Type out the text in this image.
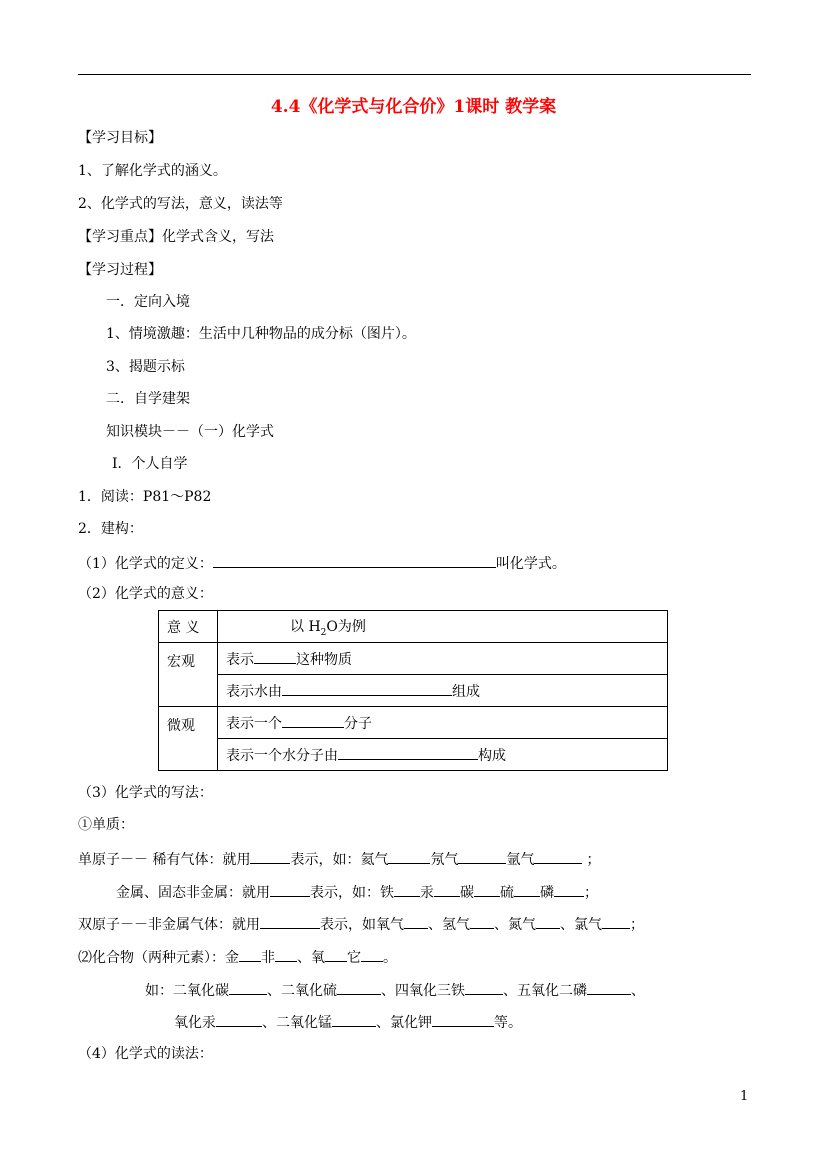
4.4《化学式与化合价》1课时 教学案
【学习目标】
1、了解化学式的涵义。
2、化学式的写法，意义，读法等
【学习重点】化学式含义，写法
【学习过程】
一．定向入境
1、情境激趣：生活中几种物品的成分标（图片）。
3、揭题示标
二．自学建架
知识模块－－（一）化学式
Ⅰ．个人自学
1．阅读：P81～P82
2．建构：
（1）化学式的定义：	叫化学式。
（2）化学式的意义：
意 义	以 $H_2O$为例
宏观	表示 这种物质
	表示水由 组成
微观	表示一个 分子
	表示一个水分子由 构成
（3）化学式的写法：
①单质：
单原子－－ 稀有气体：就用	表示，如：氦气	氖气	氩气	；
金属、固态非金属：就用	表示，如：铁 汞 碳 硫 磷 ；
双原子－－非金属气体：就用	表示，如氧气 、氢气 、氮气 、氯气 ；
⑵化合物（两种元素）：金 非 、氧 它 。
如：二氧化碳	、二氧化硫	、四氧化三铁	、五氧化二磷	、
氧化汞	、二氧化锰	、氯化钾	等。
（4）化学式的读法：
1
